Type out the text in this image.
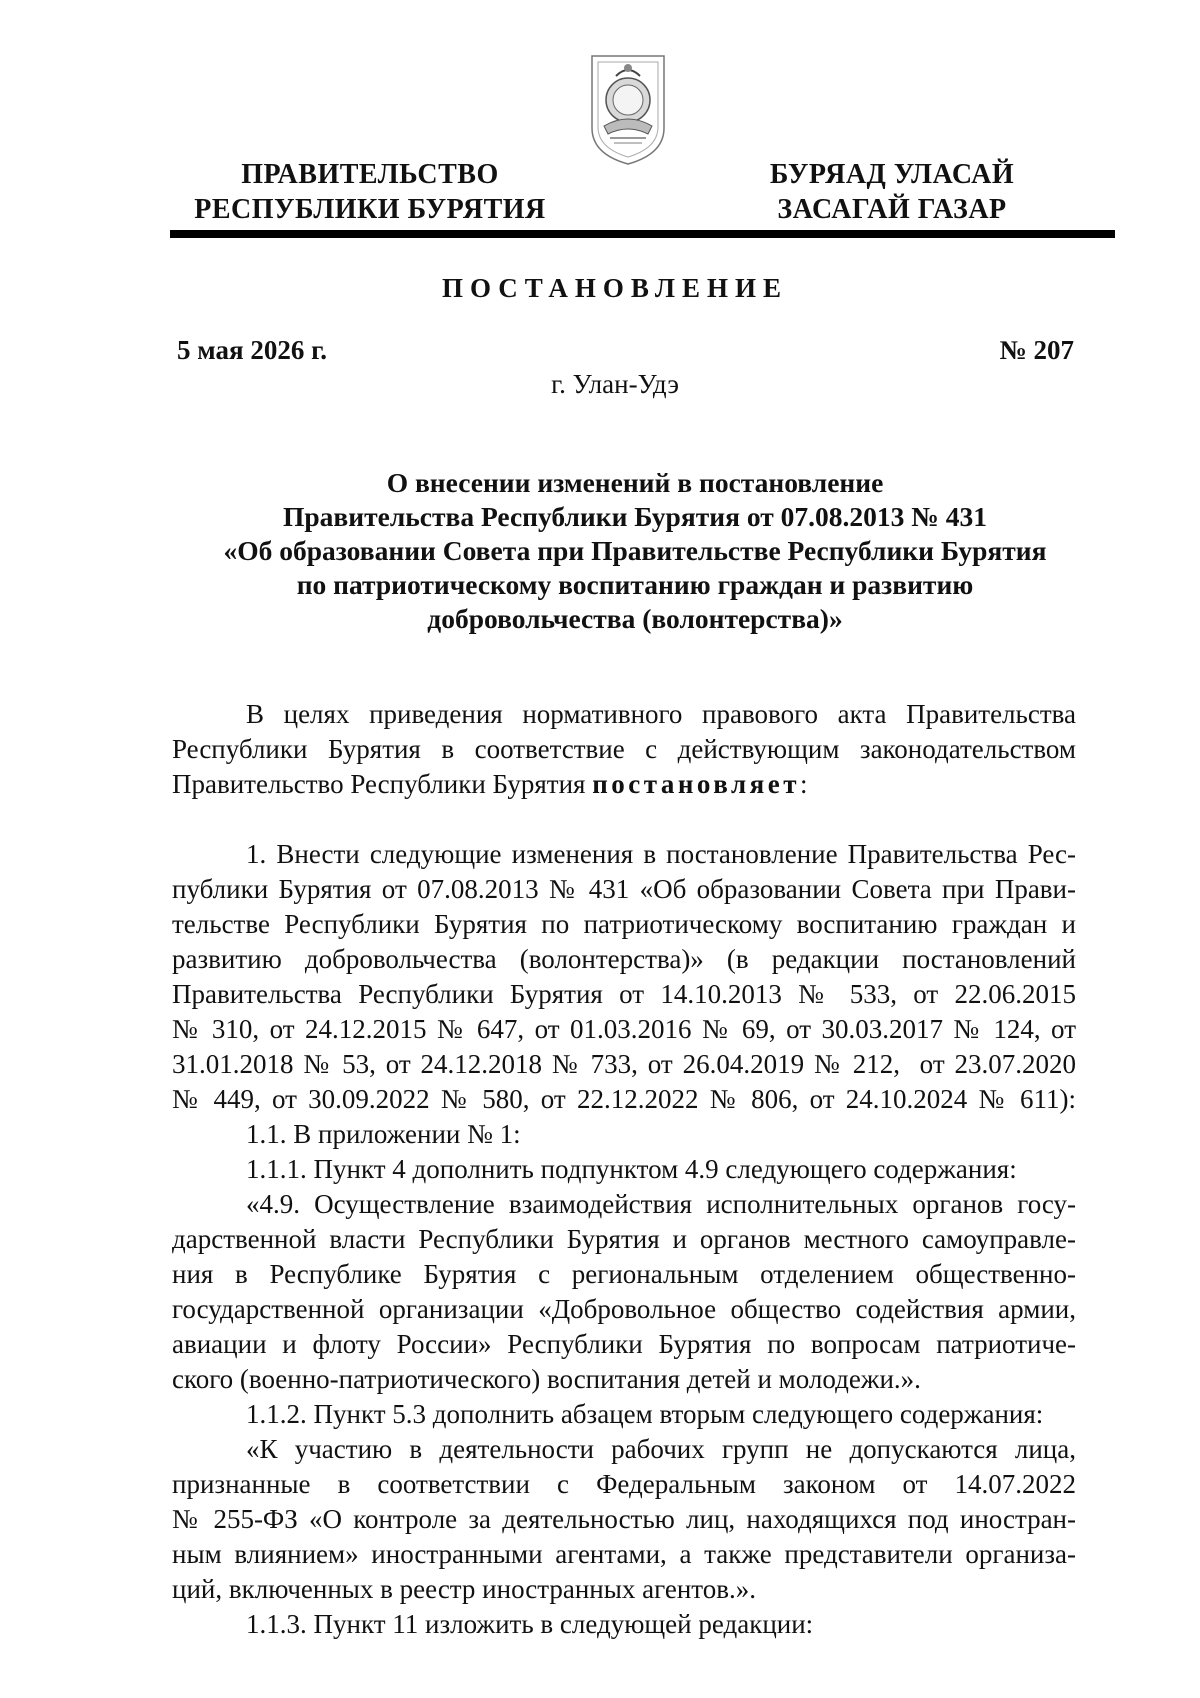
ПРАВИТЕЛЬСТВО
РЕСПУБЛИКИ БУРЯТИЯ
БУРЯАД УЛАСАЙ
ЗАСАГАЙ ГАЗАР
ПОСТАНОВЛЕНИЕ
5 мая 2026 г.	№ 207
г. Улан-Удэ
О внесении изменений в постановление
Правительства Республики Бурятия от 07.08.2013 № 431
«Об образовании Совета при Правительстве Республики Бурятия
по патриотическому воспитанию граждан и развитию
добровольчества (волонтерства)»
В целях приведения нормативного правового акта Правительства
Республики Бурятия в соответствие с действующим законодательством
Правительство Республики Бурятия постановляет:
1. Внести следующие изменения в постановление Правительства Рес-
публики Бурятия от 07.08.2013 № 431 «Об образовании Совета при Прави-
тельстве Республики Бурятия по патриотическому воспитанию граждан и
развитию добровольчества (волонтерства)» (в редакции постановлений
Правительства Республики Бурятия от 14.10.2013 № 533, от 22.06.2015
№ 310, от 24.12.2015 № 647, от 01.03.2016 № 69, от 30.03.2017 № 124, от
31.01.2018 № 53, от 24.12.2018 № 733, от 26.04.2019 № 212,  от 23.07.2020
№ 449, от 30.09.2022 № 580, от 22.12.2022 № 806, от 24.10.2024 № 611):
1.1. В приложении № 1:
1.1.1. Пункт 4 дополнить подпунктом 4.9 следующего содержания:
«4.9. Осуществление взаимодействия исполнительных органов госу-
дарственной власти Республики Бурятия и органов местного самоуправле-
ния в Республике Бурятия с региональным отделением общественно-
государственной организации «Добровольное общество содействия армии,
авиации и флоту России» Республики Бурятия по вопросам патриотиче-
ского (военно-патриотического) воспитания детей и молодежи.».
1.1.2. Пункт 5.3 дополнить абзацем вторым следующего содержания:
«К участию в деятельности рабочих групп не допускаются лица,
признанные в соответствии с Федеральным законом от 14.07.2022
№ 255-ФЗ «О контроле за деятельностью лиц, находящихся под иностран-
ным влиянием» иностранными агентами, а также представители организа-
ций, включенных в реестр иностранных агентов.».
1.1.3. Пункт 11 изложить в следующей редакции:
